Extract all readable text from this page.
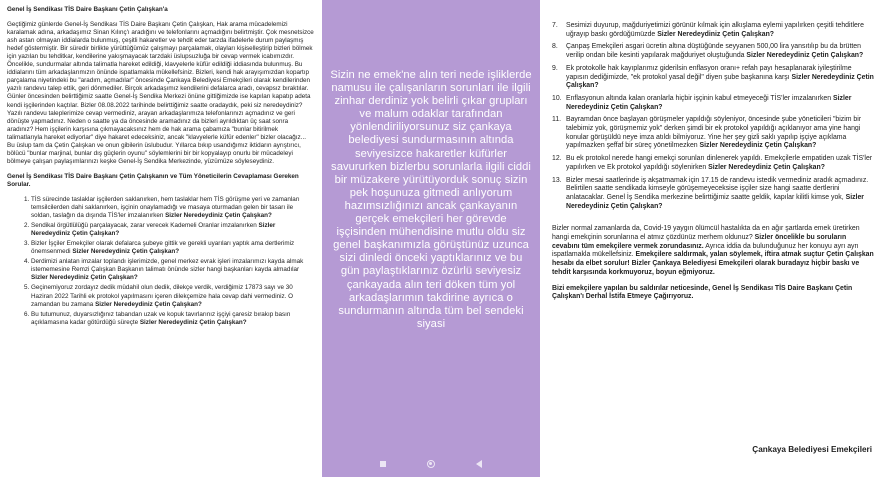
Genel İş Sendikası TİS Daire Başkanı Çetin Çalışkan'a
Geçtiğimiz günlerde Genel-İş Sendikası TİS Daire Başkanı Çetin Çalışkan, Hak arama mücadelemizi karalamak adına, arkadaşımız Sinan Kılınç'ı aradığını ve telefonlarını açmadığını belirtmiştir. Çok mesnetsizce ash astarı olmayan iddialarda bulunmuş, çeşitli hakaretler ve tehdit eder tarzda ifadelerle durum paylaşmış hedef göstermiştir. Bir süredir birlikte yürüttüğümüz çalışmayı parçalamak, olayları kişiselleştirip bizleri bölmek için yazılan bu tehditkar, kendilerine yakışmayacak tarzdaki üslupsuzluğa bir cevap vermek icabımızdır. Öncelikle, sundurmalar altında talimatla hareket edildiği, klavyelerle küfür edildiği iddiasında bulunmuş. Bu iddialarını tüm arkadaşlarımızın önünde ispatlamakla mükellefsiniz. Bizleri, kendi hak arayışımızdan kopartıp parçalama niyetindeki bu "aradım, açmadılar" öncesinde Çankaya Belediyesi Emekçileri olarak kendilerinden yazılı randevu talep ettik, geri dönmediler. Birçok arkadaşımız kendilerini defalarca aradı, cevapsız bıraktılar. Günler öncesinden belirttiğimiz saatte Genel-İş Sendika Merkezi önüne gittiğimizde ise kapıları kapatıp adeta kendi işçilerinden kaçtılar. Bizler 08.08.2022 tarihinde belirttiğimiz saatte oradaydık, peki siz neredeydiniz? Yazılı randevu taleplerimize cevap vermediniz, arayan arkadaşlarımıza telefonlarınızı açmadınız ve geri dönüşte yapmadınız. Neden o saatte ya da öncesinde aramadınız da bizleri ayrıldıktan üç saat sonra aradınız? Hem işçilerin karşısına çıkmayacaksınız hem de hak arama çabamıza "bunlar bitirilmek talimatlarıyla hareket ediyorlar" diye hakaret edeceksiniz, ancak "klavyelerle küfür edenler" bizler olacağız... Bu üslup tam da Çetin Çalışkan ve onun gibilerin üslubudur. Yıllarca bıkıp usandığımız iktidarın ayrıştırıcı, bölücü "bunlar marjinal, bunlar dış güçlerin oyunu" söylemlerini bir bir kopyalayıp onurlu bir mücadeleyi bölmeye çalışan paylaşımlarınızı keşke Genel-İş Sendika Merkezinde, yüzümüze söyleseydiniz.
Genel İş Sendikası TİS Daire Başkanı Çetin Çalışkanın ve Tüm Yöneticilerin Cevaplaması Gereken Sorular.
1. TİS sürecinde taslaklar işçilerden saklanırken, hem taslaklar hem TİS görüşme yeri ve zamanları temsilcilerden dahi saklanırken, işçinin onaylamadığı ve masaya oturmadan gelen bir tasarı ile soldan, taslağın da dışında TİS'ler imzalanırken Sizler Neredeydiniz Çetin Çalışkan?
2. Sendikal örgütlülüğü parçalayacak, zarar verecek Kademeli Oranlar imzalanırken Sizler Neredeydiniz Çetin Çalışkan?
3. Bizler İşçiler Emekçiler olarak defalarca şubeye gittik ve gerekli uyarıları yaptık ama dertlerimiz önemsenmedi Sizler Neredeydiniz Çetin Çalışkan?
4. Derdimizi anlatan imzalar toplandı işlerimizde, genel merkez evrak işleri imzalarımızı kayda almak istememesine Remzi Çalışkan Başkanın talimatı önünde sizler hangi başkanları kayda almadılar Sizler Neredeydiniz Çetin Çalışkan?
5. Geçinemiyoruz zordayız dedik müdahil olun dedik, dilekçe verdik, verdiğimiz 17873 sayı ve 30 Haziran 2022 Tarihli ek protokol yapılmasını içeren dilekçemize hala cevap dahi vermediniz. O zamandan bu zamana Sizler Neredeydiniz Çetin Çalışkan?
6. Bu tutumunuz, duyarsızlığınız tabandan uzak ve kopuk tavırlarınız işçiyi çaresiz bırakıp basın açıklamasına kadar götürdüğü süreçte Sizler Neredeydiniz Çetin Çalışkan?
Sizin ne emek'ne alın teri nede işliklerde namusu ile çalışanların sorunları ile ilgili zinhar derdiniz yok belirli çıkar grupları ve malum odaklar tarafından yönlendiriliyorsunuz siz çankaya belediyesi sundurmasının altında seviyesizce hakaretler küfürler savururken bizlerbu sorunlarla ilgili ciddi bir müzakere yürütüyorduk sonuç sizin pek hoşunuza gitmedi anlıyorum hazımsızlığınızı ancak çankayanın gerçek emekçileri her görevde işçisinden mühendisine mutlu oldu siz genel başkanımızla görüştünüz uzunca sizi dinledi önceki yaptıklarınız ve bu gün paylaştıklarınız özürlü seviyesiz çankayada alın teri döken tüm yol arkadaşlarımın takdirine ayrıca o sundurmanın altında tüm bel sendeki siyasi
7.	Sesimizi duyurup, mağduriyetimizi görünür kılmak için alkışlama eylemi yapılırken çeşitli tehditlere uğrayıp baskı gördüğümüzde Sizler Neredeydiniz Çetin Çalışkan?
8.	Çanpaş Emekçileri asgari ücretin altına düştüğünde seyyanen 500,00 lira yansıtılıp bu da brütten verilip ondan bile kesinti yapılarak mağduriyet oluştuğunda Sizler Neredeydiniz Çetin Çalışkan?
9.	Ek protokolle hak kayıplarımız giderilsin enflasyon oranı+ refah payı hesaplanarak iyileştirilme yapısın dediğimizde, "ek protokol yasal değil" diyen şube başkanına karşı Sizler Neredeydiniz Çetin Çalışkan?
10. Enflasyonun altında kalan oranlarla hiçbir işçinin kabul etmeyeceği TİS'ler imzalanırken Sizler Neredeydiniz Çetin Çalışkan?
11. Bayramdan önce başlayan görüşmeler yapıldığı söyleniyor, öncesinde şube yöneticileri "bizim bir talebimiz yok, görüşmemiz yok" derken şimdi bir ek protokol yapıldığı açıklanıyor ama yine hangi konular görüşüldü neye imza atıldı bilmiyoruz. Yine her şey gizli saklı yapılıp işçiye açıklama yapılmazken şeffaf bir süreç yönetilmezken Sizler Neredeydiniz Çetin Çalışkan?
12. Bu ek protokol nerede hangi emekçi sorunları dinlenerek yapıldı. Emekçilerle empatiden uzak TİS'ler yapılırken ve Ek protokol yapıldığı söylenirken Sizler Neredeydiniz Çetin Çalışkan?
13. Bizler mesai saatlerinde iş akşatmamak için 17.15 de randevu istedik vermediniz aradık açmadınız. Belirtilen saatte sendikada kimseyle görüşemeyeceksise işçiler size hangi saatte dertlerini anlatacaklar. Genel İş Sendika merkezine belirttiğimiz saatte geldik, kapılar kilitli kimse yok, Sizler Neredeydiniz Çetin Çalışkan?
Bizler normal zamanlarda da, Covid-19 yaygın ölümcül hastalıkta da en ağır şartlarda emek üretirken hangi emekçinin sorunlarına el atmız çözdünüz merhem oldunuz? Sizler öncelikle bu soruların cevabını tüm emekçilere vermek zorundasınız. Ayrıca iddia da bulunduğunuz her konuyu ayrı ayrı ispatlamakla mükellefsiniz. Emekçilere saldırmak, yalan söylemek, iftira atmak suçtur Çetin Çalışkan hesabı da elbet sorulur! Bizler Çankaya Belediyesi Emekçileri olarak buradayız hiçbir baskı ve tehdit karşısında korkmuyoruz, boyun eğmiyoruz.
Bizi emekçilere yapılan bu saldırılar neticesinde, Genel İş Sendikası TİS Daire Başkanı Çetin Çalışkan'ı Derhal İstifa Etmeye Çağırıyoruz.
Çankaya Belediyesi Emekçileri
